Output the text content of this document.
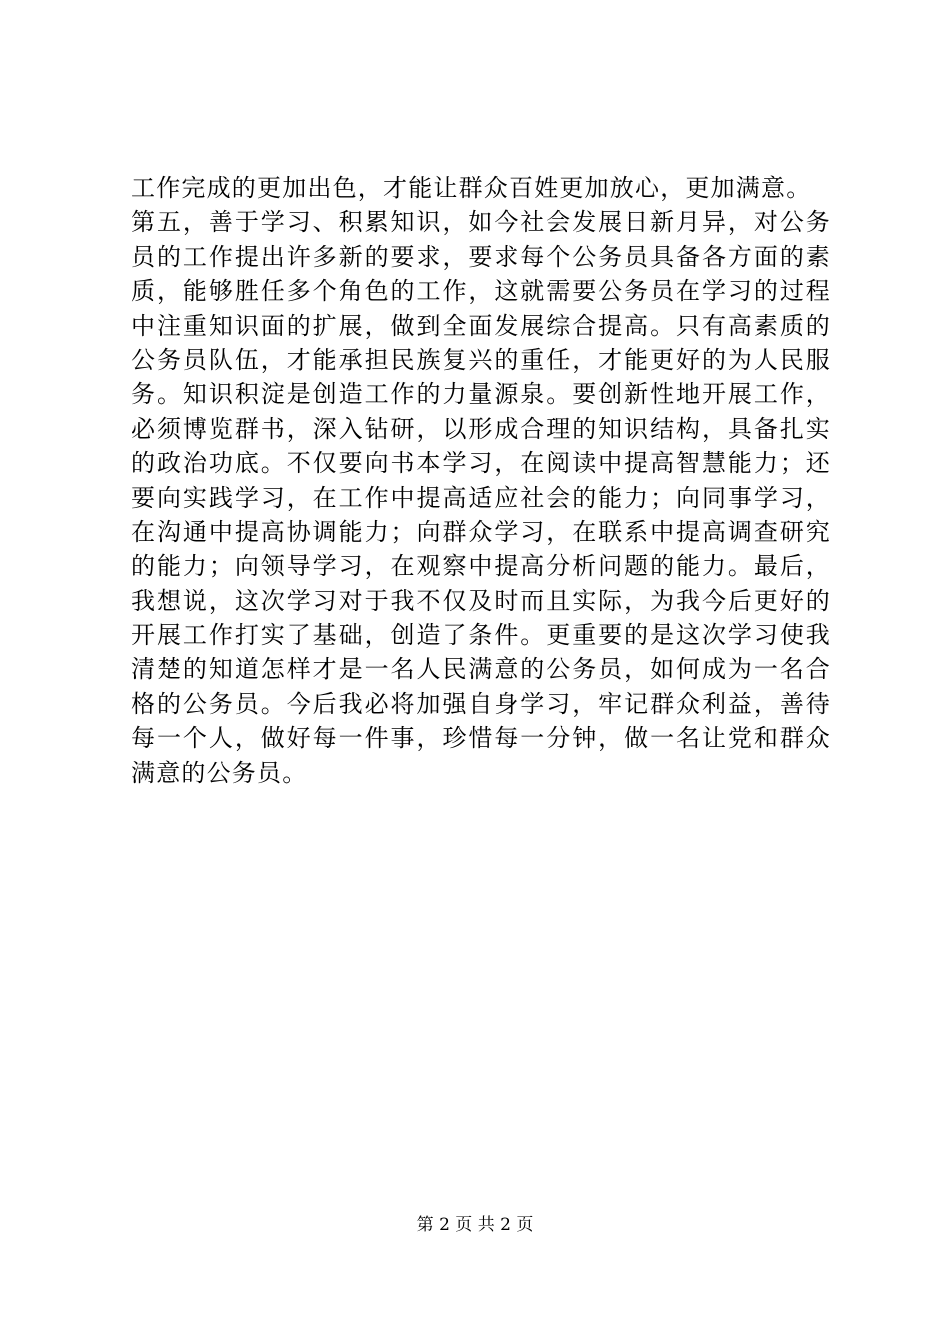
工作完成的更加出色，才能让群众百姓更加放心，更加满意。
第五，善于学习、积累知识，如今社会发展日新月异，对公务
员的工作提出许多新的要求，要求每个公务员具备各方面的素
质，能够胜任多个角色的工作，这就需要公务员在学习的过程
中注重知识面的扩展，做到全面发展综合提高。只有高素质的
公务员队伍，才能承担民族复兴的重任，才能更好的为人民服
务。知识积淀是创造工作的力量源泉。要创新性地开展工作，
必须博览群书，深入钻研，以形成合理的知识结构，具备扎实
的政治功底。不仅要向书本学习，在阅读中提高智慧能力；还
要向实践学习，在工作中提高适应社会的能力；向同事学习，
在沟通中提高协调能力；向群众学习，在联系中提高调查研究
的能力；向领导学习，在观察中提高分析问题的能力。最后，
我想说，这次学习对于我不仅及时而且实际，为我今后更好的
开展工作打实了基础，创造了条件。更重要的是这次学习使我
清楚的知道怎样才是一名人民满意的公务员，如何成为一名合
格的公务员。今后我必将加强自身学习，牢记群众利益，善待
每一个人，做好每一件事，珍惜每一分钟，做一名让党和群众
满意的公务员。
第 2 页 共 2 页
